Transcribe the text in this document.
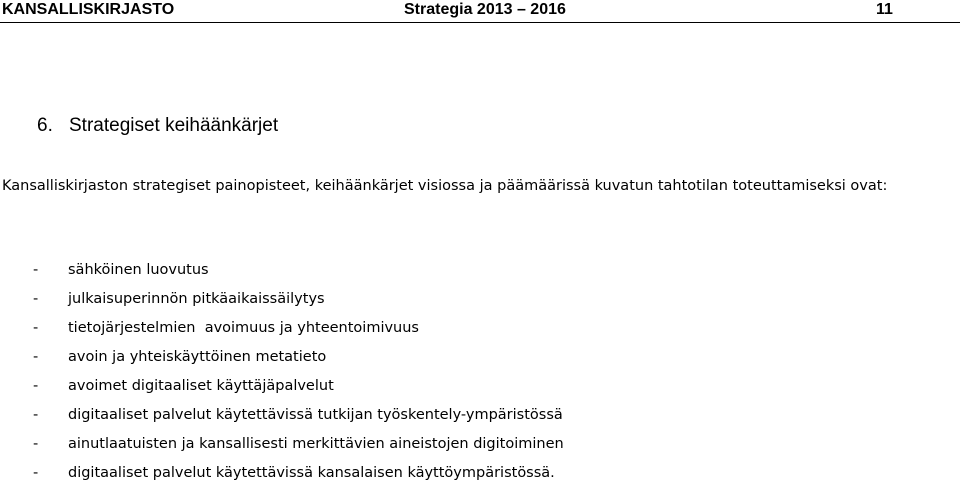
KANSALLISKIRJASTO	Strategia 2013 – 2016	11
6. Strategiset keihäänkärjet
Kansalliskirjaston strategiset painopisteet, keihäänkärjet visiossa ja päämäärissä kuvatun tahtotilan toteuttamiseksi ovat:
- sähköinen luovutus
- julkaisuperinnön pitkäaikaissäilytys
- tietojärjestelmien  avoimuus ja yhteentoimivuus
- avoin ja yhteiskäyttöinen metatieto
- avoimet digitaaliset käyttäjäpalvelut
- digitaaliset palvelut käytettävissä tutkijan työskentely-ympäristössä
- ainutlaatuisten ja kansallisesti merkittävien aineistojen digitoiminen
- digitaaliset palvelut käytettävissä kansalaisen käyttöympäristössä.
